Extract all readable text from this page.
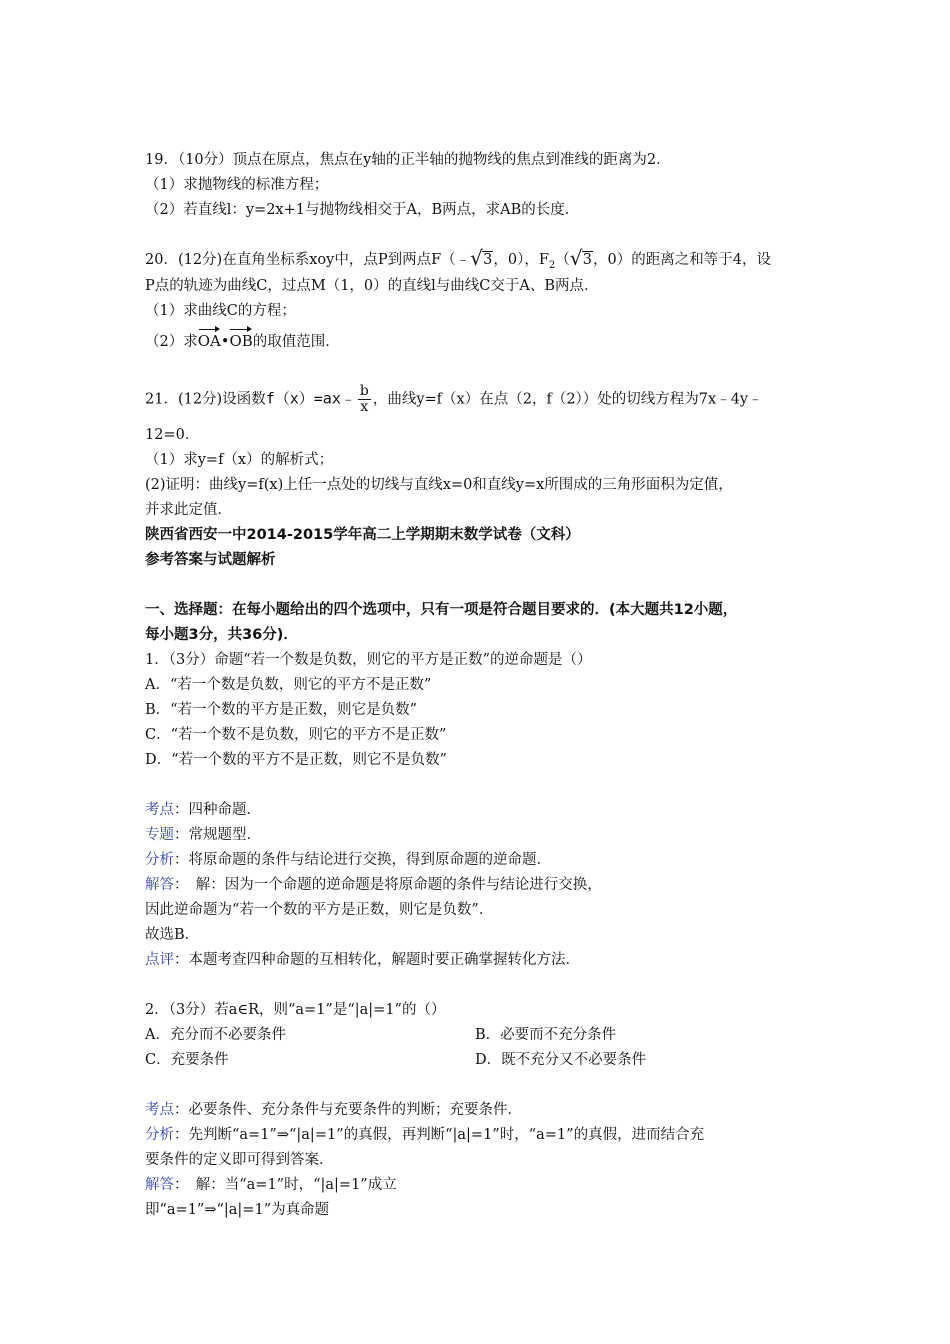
19．（10分）顶点在原点，焦点在y轴的正半轴的抛物线的焦点到准线的距离为2．
（1）求抛物线的标准方程；
（2）若直线l：y=2x+1与抛物线相交于A，B两点，求AB的长度．
20．(12分)在直角坐标系xoy中，点P到两点F（﹣ √ 3，0），$F_2$（ √ 3，0）的距离之和等于4，设
P点的轨迹为曲线C，过点M（1，0）的直线l与曲线C交于A、B两点．
（1）求曲线C的方程；
（2）求OA•OB的取值范围．
21．(12分)设函数f（x）=ax﹣ $\frac{b}{x}$ ，曲线y=f（x）在点（2，f（2））处的切线方程为7x﹣4y﹣
12=0．
（1）求y=f（x）的解析式；
(2)证明：曲线y=f(x)上任一点处的切线与直线x=0和直线y=x所围成的三角形面积为定值，
并求此定值．
陕西省西安一中2014-2015学年高二上学期期末数学试卷（文科）
参考答案与试题解析
一、选择题：在每小题给出的四个选项中，只有一项是符合题目要求的．(本大题共12小题，
每小题3分，共36分)．
1．（3分）命题“若一个数是负数，则它的平方是正数”的逆命题是（）
A．“若一个数是负数，则它的平方不是正数”
B．“若一个数的平方是正数，则它是负数”
C．“若一个数不是负数，则它的平方不是正数”
D．“若一个数的平方不是正数，则它不是负数”
考点：四种命题．
专题：常规题型．
分析：将原命题的条件与结论进行交换，得到原命题的逆命题．
解答：　解：因为一个命题的逆命题是将原命题的条件与结论进行交换，
因此逆命题为“若一个数的平方是正数，则它是负数”．
故选B．
点评：本题考查四种命题的互相转化，解题时要正确掌握转化方法．
2．（3分）若a∈R，则“a=1”是“|a|=1”的（）
A．充分而不必要条件	B．必要而不充分条件
C．充要条件	D．既不充分又不必要条件
考点：必要条件、充分条件与充要条件的判断；充要条件．
分析：先判断“a=1”⇒“|a|=1”的真假，再判断“|a|=1”时，“a=1”的真假，进而结合充
要条件的定义即可得到答案．
解答：　解：当“a=1”时，“|a|=1”成立
即“a=1”⇒“|a|=1”为真命题
